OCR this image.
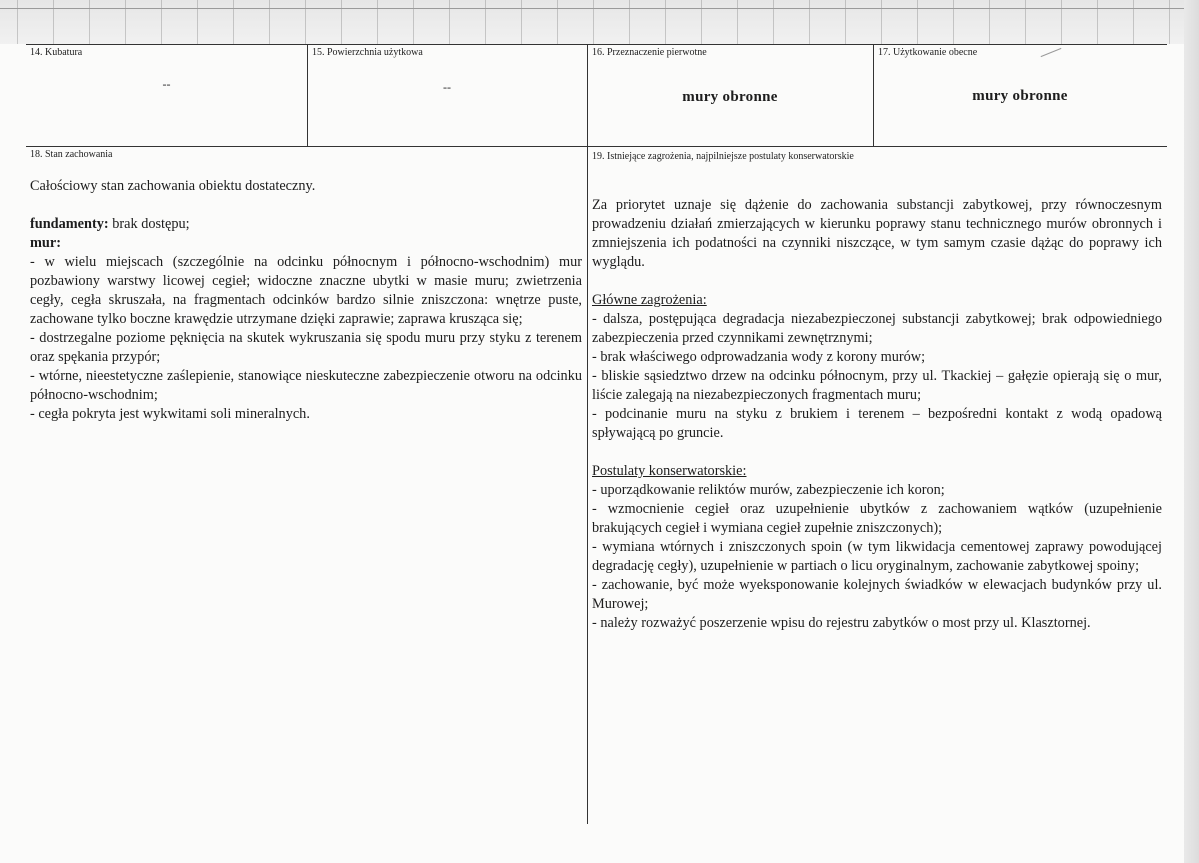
14. Kubatura
--
15. Powierzchnia użytkowa
--
16. Przeznaczenie pierwotne
mury obronne
17. Użytkowanie obecne
mury obronne
18. Stan zachowania

Całościowy stan zachowania obiektu dostateczny.

fundamenty: brak dostępu;

mur:

- w wielu miejscach (szczególnie na odcinku północnym i północno-wschodnim) mur pozbawiony warstwy licowej cegieł; widoczne znaczne ubytki w masie muru; zwietrzenia cegły, cegła skruszała, na fragmentach odcinków bardzo silnie zniszczona: wnętrze puste, zachowane tylko boczne krawędzie utrzymane dzięki zaprawie; zaprawa krusząca się;

- dostrzegalne poziome pęknięcia na skutek wykruszania się spodu muru przy styku z terenem oraz spękania przypór;

- wtórne, nieestetyczne zaślepienie, stanowiące nieskuteczne zabezpieczenie otworu na odcinku północno-wschodnim;

- cegła pokryta jest wykwitami soli mineralnych.

19. Istniejące zagrożenia, najpilniejsze postulaty konserwatorskie

Za priorytet uznaje się dążenie do zachowania substancji zabytkowej, przy równoczesnym prowadzeniu działań zmierzających w kierunku poprawy stanu technicznego murów obronnych i zmniejszenia ich podatności na czynniki niszczące, w tym samym czasie dążąc do poprawy ich wyglądu.

Główne zagrożenia:

- dalsza, postępująca degradacja niezabezpieczonej substancji zabytkowej; brak odpowiedniego zabezpieczenia przed czynnikami zewnętrznymi;

- brak właściwego odprowadzania wody z korony murów;

- bliskie sąsiedztwo drzew na odcinku północnym, przy ul. Tkackiej – gałęzie opierają się o mur, liście zalegają na niezabezpieczonych fragmentach muru;

- podcinanie muru na styku z brukiem i terenem – bezpośredni kontakt z wodą opadową spływającą po gruncie.

Postulaty konserwatorskie:

- uporządkowanie reliktów murów, zabezpieczenie ich koron;

- wzmocnienie cegieł oraz uzupełnienie ubytków z zachowaniem wątków (uzupełnienie brakujących cegieł i wymiana cegieł zupełnie zniszczonych);

- wymiana wtórnych i zniszczonych spoin (w tym likwidacja cementowej zaprawy powodującej degradację cegły), uzupełnienie w partiach o licu oryginalnym, zachowanie zabytkowej spoiny;

- zachowanie, być może wyeksponowanie kolejnych świadków w elewacjach budynków przy ul. Murowej;

- należy rozważyć poszerzenie wpisu do rejestru zabytków o most przy ul. Klasztornej.
